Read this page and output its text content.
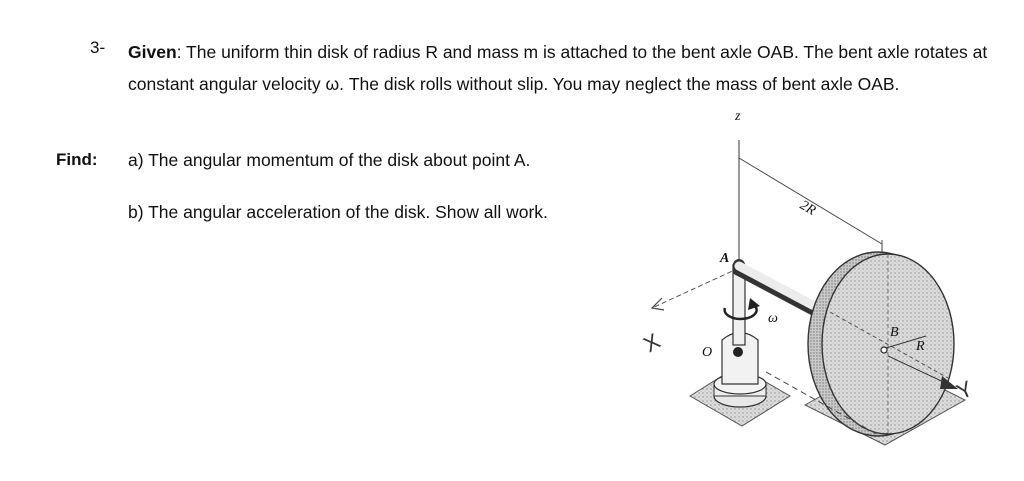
3- Given: The uniform thin disk of radius R and mass m is attached to the bent axle OAB. The bent axle rotates at constant angular velocity ω. The disk rolls without slip. You may neglect the mass of bent axle OAB.
Find: a) The angular momentum of the disk about point A.
b) The angular acceleration of the disk. Show all work.
z
X
2R
O
ω
A
B
R
Y
